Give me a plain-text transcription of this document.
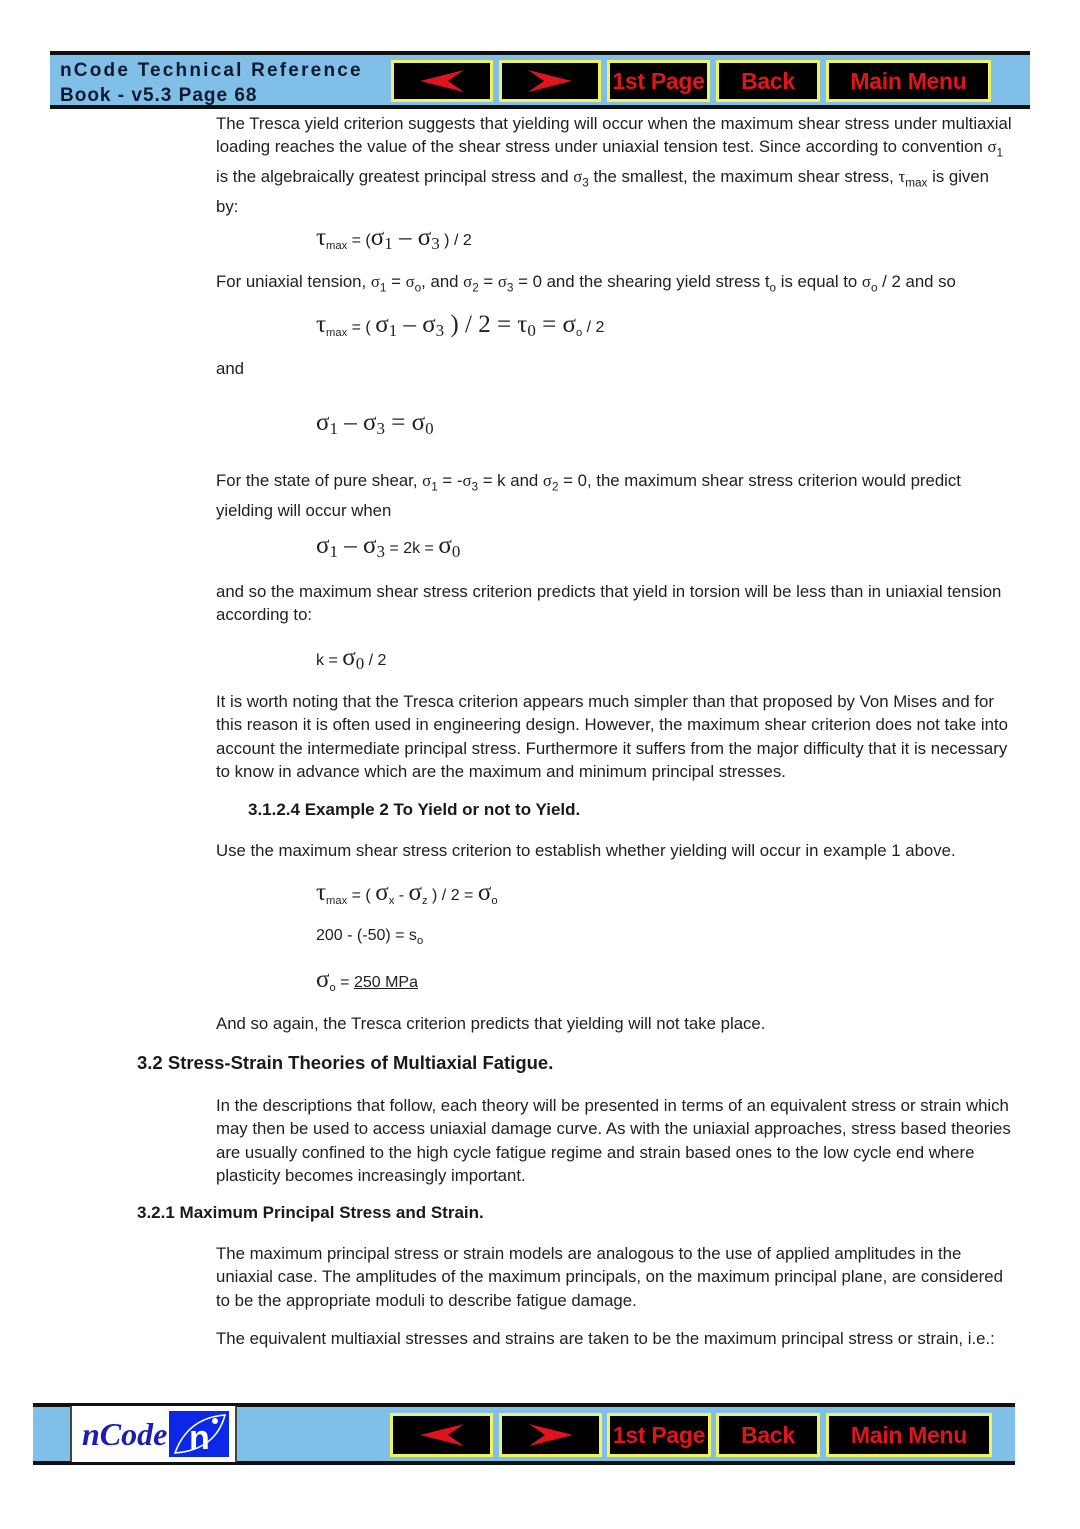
nCode Technical Reference
Book - v5.3 Page 68
1st Page	Back	Main Menu
The Tresca yield criterion suggests that yielding will occur when the maximum shear stress under multiaxial loading reaches the value of the shear stress under uniaxial tension test. Since according to convention $\sigma_1$ is the algebraically greatest principal stress and $\sigma_3$ the smallest, the maximum shear stress, $\tau_{max}$ is given by:
$\tau_{max} = (\sigma_1 - \sigma_3$ ) / 2
For uniaxial tension, $\sigma_1 = \sigma_o$, and $\sigma_2 = \sigma_3 = 0$ and the shearing yield stress $t_o$ is equal to $\sigma_o / 2$ and so
$\tau_{max}$ = ( $\sigma_1 - \sigma_3$ ) / $2 = \tau_0 = \sigma_o / 2$
and
$\sigma_1 - \sigma_3 = \sigma_0$
For the state of pure shear, $\sigma_1 = -\sigma_3 = k$ and $\sigma_2 = 0$, the maximum shear stress criterion would predict yielding will occur when
$\sigma_1 - \sigma_3 = 2k = \sigma_0$
and so the maximum shear stress criterion predicts that yield in torsion will be less than in uniaxial tension according to:
$k = \sigma_0 / 2$
It is worth noting that the Tresca criterion appears much simpler than that proposed by Von Mises and for this reason it is often used in engineering design. However, the maximum shear criterion does not take into account the intermediate principal stress. Furthermore it suffers from the major difficulty that it is necessary to know in advance which are the maximum and minimum principal stresses.
3.1.2.4 Example 2 To Yield or not to Yield.
Use the maximum shear stress criterion to establish whether yielding will occur in example 1 above.
$\tau_{max}$ = ( $\sigma_x - \sigma_z$ ) / $2 = \sigma_o$
$200 - (-50) = s_o$
$\sigma_o = 250$ MPa
And so again, the Tresca criterion predicts that yielding will not take place.
3.2 Stress-Strain Theories of Multiaxial Fatigue.
In the descriptions that follow, each theory will be presented in terms of an equivalent stress or strain which may then be used to access uniaxial damage curve. As with the uniaxial approaches, stress based theories are usually confined to the high cycle fatigue regime and strain based ones to the low cycle end where plasticity becomes increasingly important.
3.2.1 Maximum Principal Stress and Strain.
The maximum principal stress or strain models are analogous to the use of applied amplitudes in the uniaxial case. The amplitudes of the maximum principals, on the maximum principal plane, are considered to be the appropriate moduli to describe fatigue damage.
The equivalent multiaxial stresses and strains are taken to be the maximum principal stress or strain, i.e.:
nCode n	1st Page	Back	Main Menu
